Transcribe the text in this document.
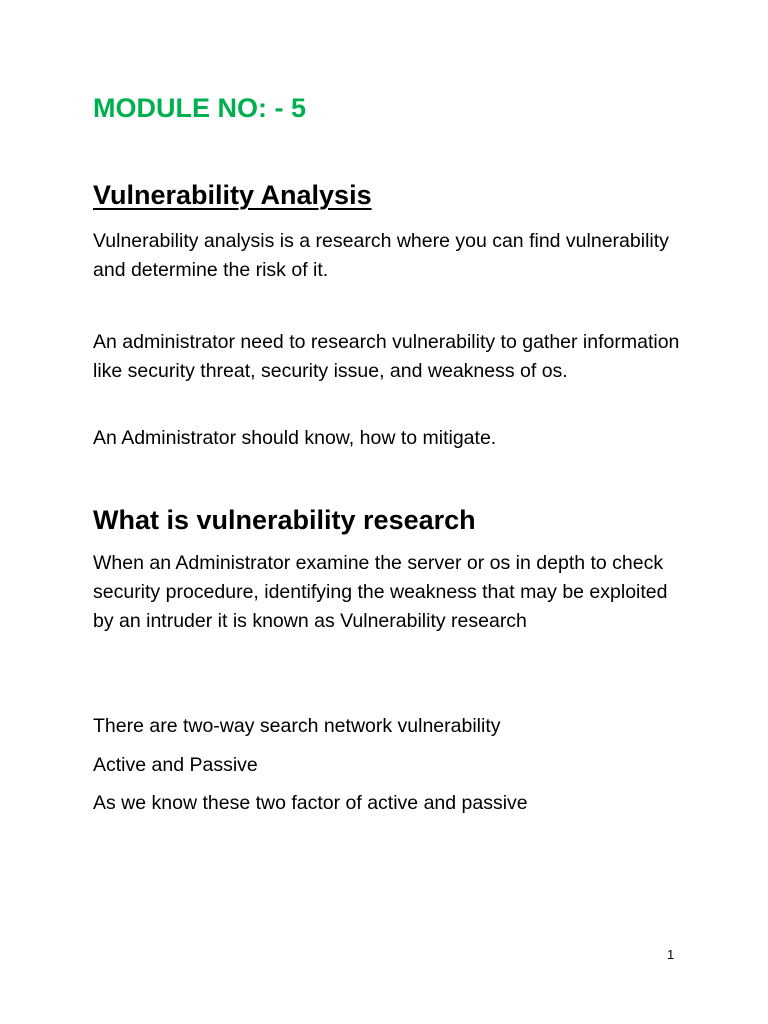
MODULE NO: - 5
Vulnerability Analysis

Vulnerability analysis is a research where you can find vulnerability and determine the risk of it.

An administrator need to research vulnerability to gather information like security threat, security issue, and weakness of os.

An Administrator should know, how to mitigate.

What is vulnerability research

When an Administrator examine the server or os in depth to check security procedure, identifying the weakness that may be exploited by an intruder it is known as Vulnerability research

There are two-way search network vulnerability

Active and Passive

As we know these two factor of active and passive

1
